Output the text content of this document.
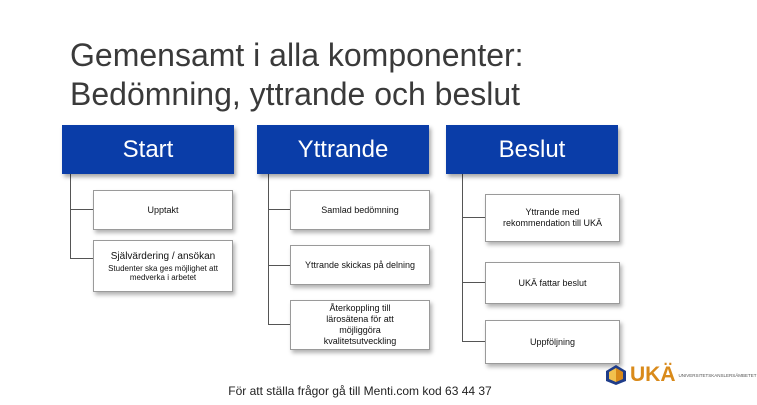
Gemensamt i alla komponenter:
Bedömning, yttrande och beslut
Start	Yttrande	Beslut
Upptakt
Självärdering / ansökan
Studenter ska ges möjlighet att medverka i arbetet
Samlad bedömning
Yttrande skickas på delning
Återkoppling till lärosätena för att möjliggöra kvalitetsutveckling
Yttrande med rekommendation till UKÄ
UKÄ fattar beslut
Uppföljning
För att ställa frågor gå till Menti.com kod 63 44 37
UKÄ UNIVERSITETSKANSLERSÄMBETET
